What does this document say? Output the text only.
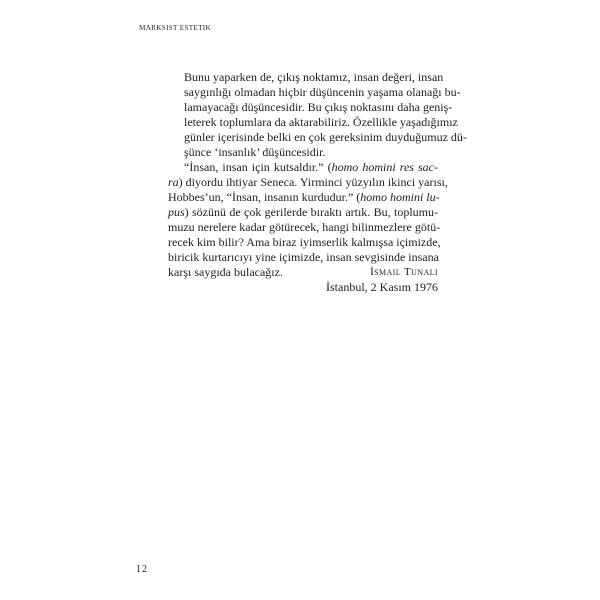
MARKSIST ESTETIK

Bunu yaparken de, çıkış noktamız, insan değeri, insan
saygınlığı olmadan hiçbir düşüncenin yaşama olanağı bu-
lamayacağı düşüncesidir. Bu çıkış noktasını daha geniş-
leterek toplumlara da aktarabiliriz. Özellikle yaşadığımız
günler içerisinde belki en çok gereksinim duyduğumuz dü-
şünce ‘insanlık’ düşüncesidir.

“İnsan, insan için kutsaldır.” (homo homini res sac-
ra) diyordu ihtiyar Seneca. Yirminci yüzyılın ikinci yarısı,
Hobbes’un, “İnsan, insanın kurdudur.” (homo homini lu-
pus) sözünü de çok gerilerde bıraktı artık. Bu, toplumu-
muzu nerelere kadar götürecek, hangi bilinmezlere götü-
recek kim bilir? Ama biraz iyimserlik kalmışsa içimizde,
biricik kurtarıcıyı yine içimizde, insan sevgisinde insana
karşı saygıda bulacağız.	İsmail Tunalı
İstanbul, 2 Kasım 1976
12
